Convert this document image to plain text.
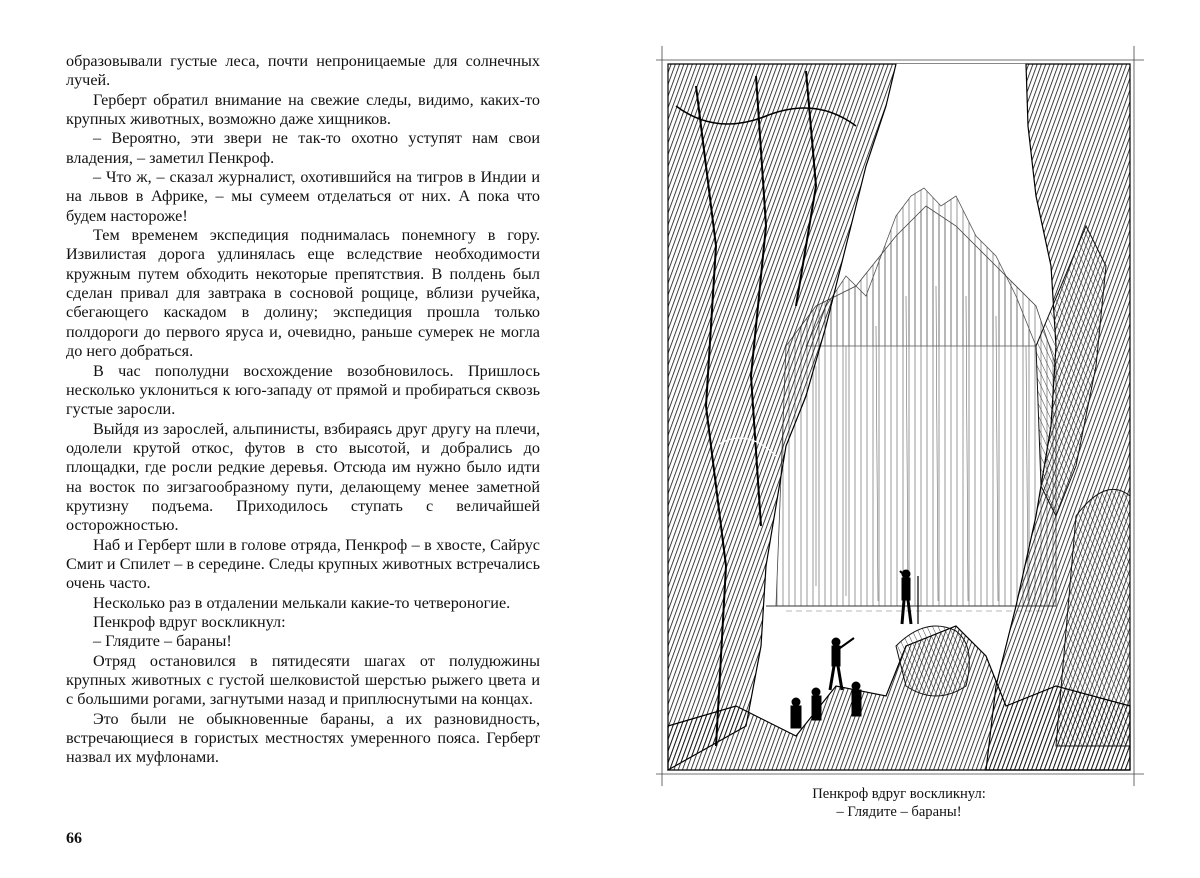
образовывали густые леса, почти непроницаемые для солнечных лучей.

Герберт обратил внимание на свежие следы, видимо, каких-то крупных животных, возможно даже хищников.

– Вероятно, эти звери не так-то охотно уступят нам свои владения, – заметил Пенкроф.

– Что ж, – сказал журналист, охотившийся на тигров в Индии и на львов в Африке, – мы сумеем отделаться от них. А пока что будем настороже!

Тем временем экспедиция поднималась понемногу в гору. Извилистая дорога удлинялась еще вследствие необходимости кружным путем обходить некоторые препятствия. В полдень был сделан привал для завтрака в сосновой рощице, вблизи ручейка, сбегающего каскадом в долину; экспедиция прошла только полдороги до первого яруса и, очевидно, раньше сумерек не могла до него добраться.

В час пополудни восхождение возобновилось. Пришлось несколько уклониться к юго-западу от прямой и пробираться сквозь густые заросли.

Выйдя из зарослей, альпинисты, взбираясь друг другу на плечи, одолели крутой откос, футов в сто высотой, и добрались до площадки, где росли редкие деревья. Отсюда им нужно было идти на восток по зигзагообразному пути, делающему менее заметной крутизну подъема. Приходилось ступать с величайшей осторожностью.

Наб и Герберт шли в голове отряда, Пенкроф – в хвосте, Сайрус Смит и Спилет – в середине. Следы крупных животных встречались очень часто.

Несколько раз в отдалении мелькали какие-то четвероногие.

Пенкроф вдруг воскликнул:

– Глядите – бараны!

Отряд остановился в пятидесяти шагах от полудюжины крупных животных с густой шелковистой шерстью рыжего цвета и с большими рогами, загнутыми назад и приплюснутыми на концах.

Это были не обыкновенные бараны, а их разновидность, встречающиеся в гористых местностях умеренного пояса. Герберт назвал их муфлонами.

66
Пенкроф вдруг воскликнул:
– Глядите – бараны!
